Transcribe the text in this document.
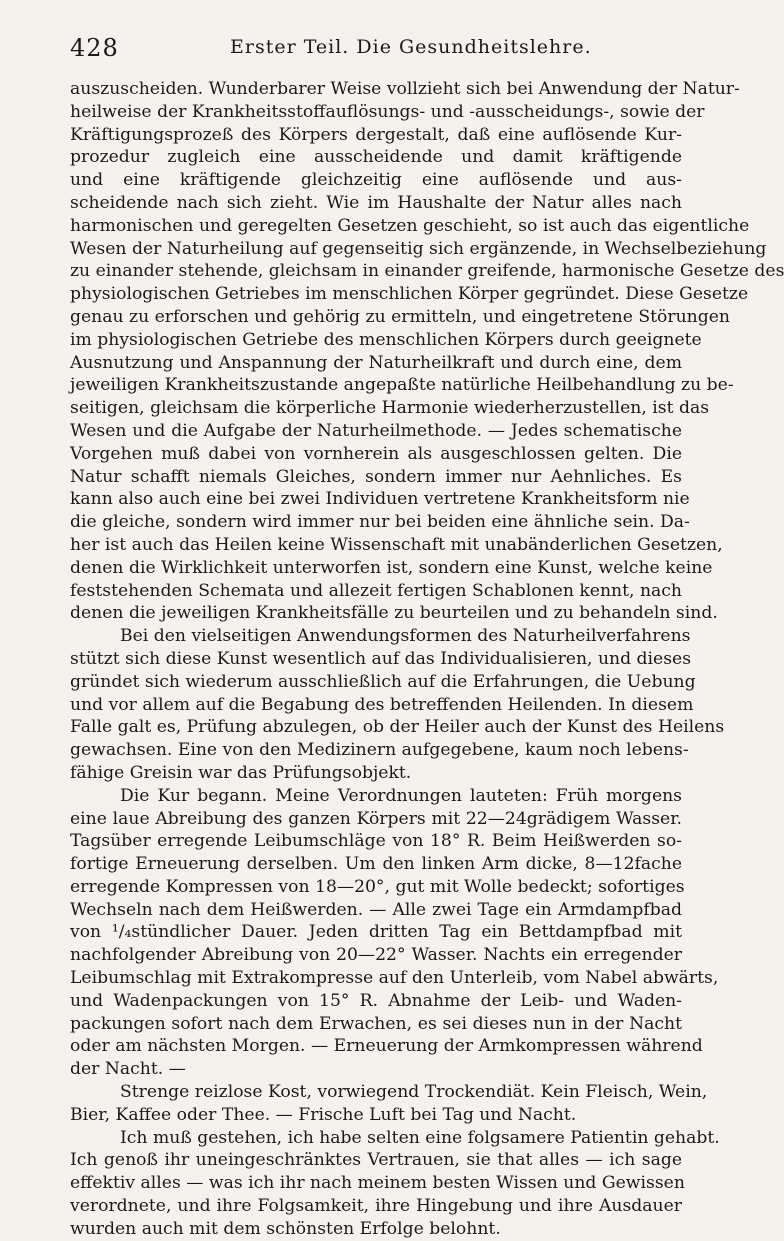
428	Erster Teil. Die Gesundheitslehre.
auszuscheiden. Wunderbarer Weise vollzieht sich bei Anwendung der Natur-
heilweise der Krankheitsstoffauflösungs- und -ausscheidungs-, sowie der
Kräftigungsprozeß des Körpers dergestalt, daß eine auflösende Kur-
prozedur zugleich eine ausscheidende und damit kräftigende
und eine kräftigende gleichzeitig eine auflösende und aus-
scheidende nach sich zieht. Wie im Haushalte der Natur alles nach
harmonischen und geregelten Gesetzen geschieht, so ist auch das eigentliche
Wesen der Naturheilung auf gegenseitig sich ergänzende, in Wechselbeziehung
zu einander stehende, gleichsam in einander greifende, harmonische Gesetze des
physiologischen Getriebes im menschlichen Körper gegründet. Diese Gesetze
genau zu erforschen und gehörig zu ermitteln, und eingetretene Störungen
im physiologischen Getriebe des menschlichen Körpers durch geeignete
Ausnutzung und Anspannung der Naturheilkraft und durch eine, dem
jeweiligen Krankheitszustande angepaßte natürliche Heilbehandlung zu be-
seitigen, gleichsam die körperliche Harmonie wiederherzustellen, ist das
Wesen und die Aufgabe der Naturheilmethode. — Jedes schematische
Vorgehen muß dabei von vornherein als ausgeschlossen gelten. Die
Natur schafft niemals Gleiches, sondern immer nur Aehnliches. Es
kann also auch eine bei zwei Individuen vertretene Krankheitsform nie
die gleiche, sondern wird immer nur bei beiden eine ähnliche sein. Da-
her ist auch das Heilen keine Wissenschaft mit unabänderlichen Gesetzen,
denen die Wirklichkeit unterworfen ist, sondern eine Kunst, welche keine
feststehenden Schemata und allezeit fertigen Schablonen kennt, nach
denen die jeweiligen Krankheitsfälle zu beurteilen und zu behandeln sind.
Bei den vielseitigen Anwendungsformen des Naturheilverfahrens
stützt sich diese Kunst wesentlich auf das Individualisieren, und dieses
gründet sich wiederum ausschließlich auf die Erfahrungen, die Uebung
und vor allem auf die Begabung des betreffenden Heilenden. In diesem
Falle galt es, Prüfung abzulegen, ob der Heiler auch der Kunst des Heilens
gewachsen. Eine von den Medizinern aufgegebene, kaum noch lebens-
fähige Greisin war das Prüfungsobjekt.
Die Kur begann. Meine Verordnungen lauteten: Früh morgens
eine laue Abreibung des ganzen Körpers mit 22—24grädigem Wasser.
Tagsüber erregende Leibumschläge von 18° R. Beim Heißwerden so-
fortige Erneuerung derselben. Um den linken Arm dicke, 8—12fache
erregende Kompressen von 18—20°, gut mit Wolle bedeckt; sofortiges
Wechseln nach dem Heißwerden. — Alle zwei Tage ein Armdampfbad
von ¹/₄stündlicher Dauer. Jeden dritten Tag ein Bettdampfbad mit
nachfolgender Abreibung von 20—22° Wasser. Nachts ein erregender
Leibumschlag mit Extrakompresse auf den Unterleib, vom Nabel abwärts,
und Wadenpackungen von 15° R. Abnahme der Leib- und Waden-
packungen sofort nach dem Erwachen, es sei dieses nun in der Nacht
oder am nächsten Morgen. — Erneuerung der Armkompressen während
der Nacht. —
Strenge reizlose Kost, vorwiegend Trockendiät. Kein Fleisch, Wein,
Bier, Kaffee oder Thee. — Frische Luft bei Tag und Nacht.
Ich muß gestehen, ich habe selten eine folgsamere Patientin gehabt.
Ich genoß ihr uneingeschränktes Vertrauen, sie that alles — ich sage
effektiv alles — was ich ihr nach meinem besten Wissen und Gewissen
verordnete, und ihre Folgsamkeit, ihre Hingebung und ihre Ausdauer
wurden auch mit dem schönsten Erfolge belohnt.
